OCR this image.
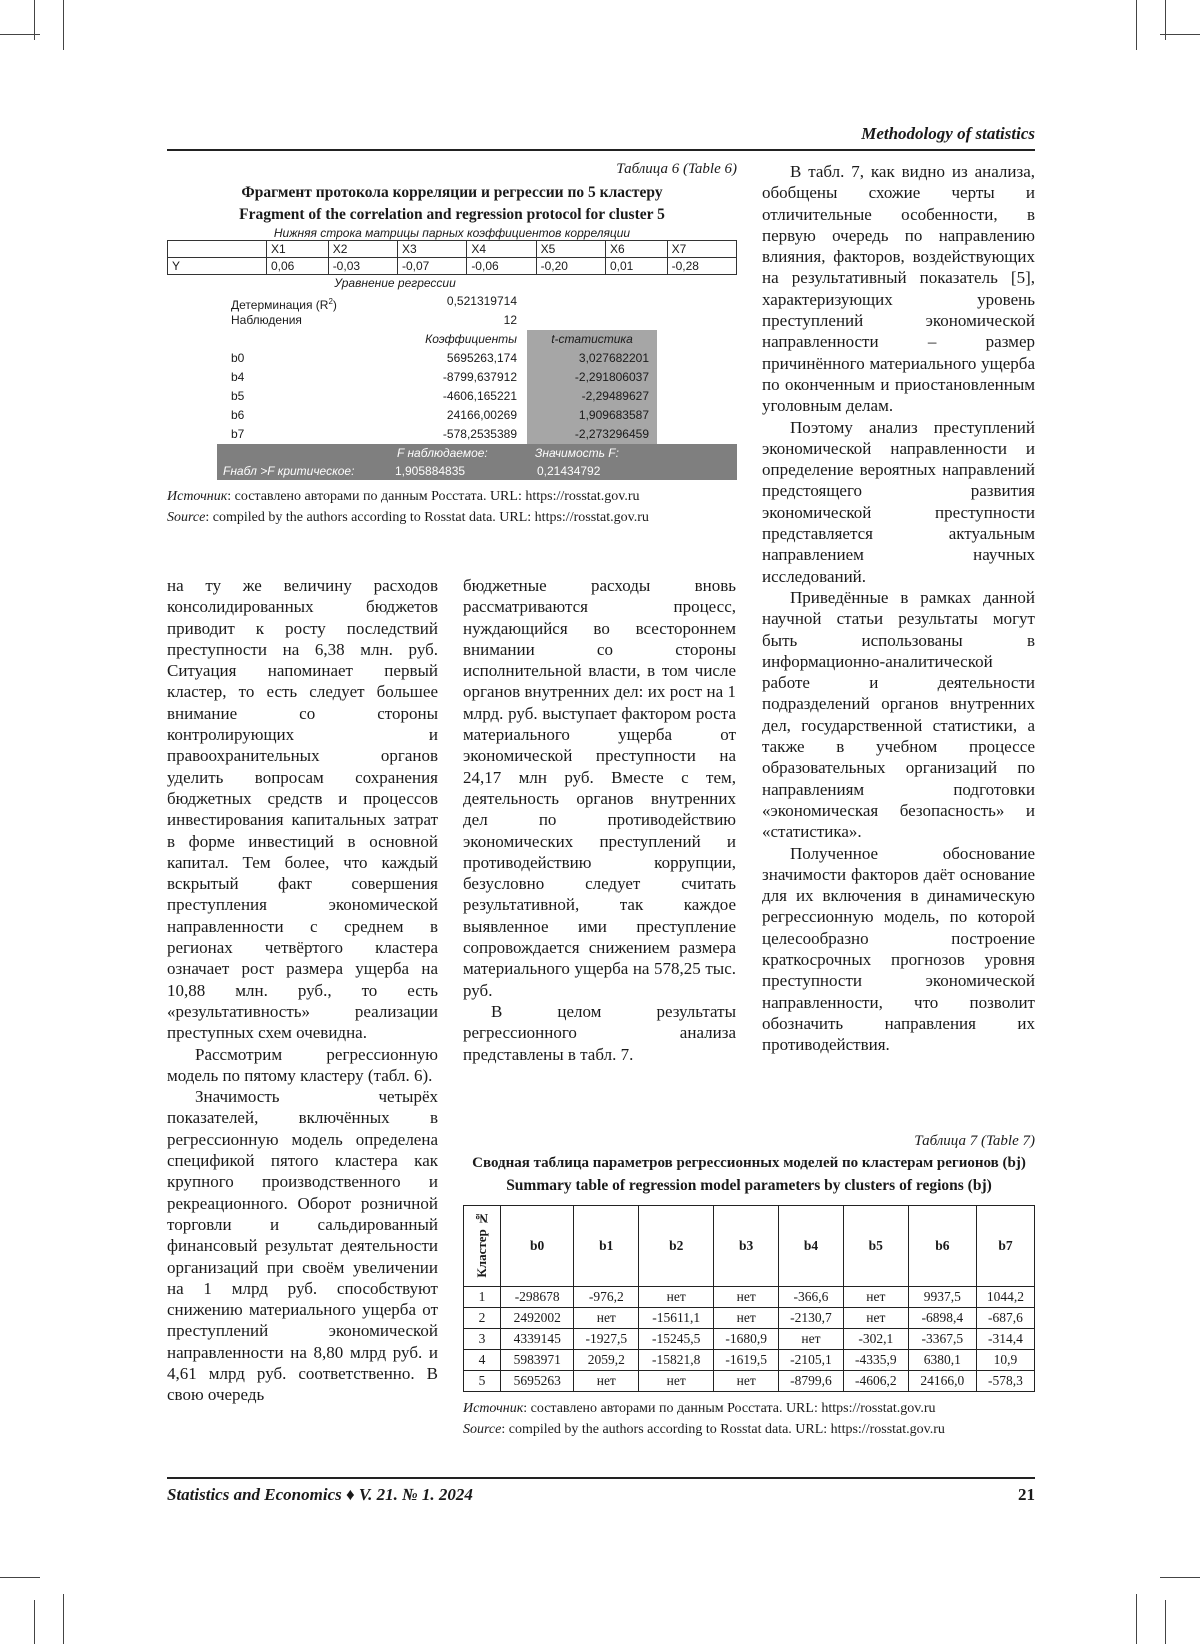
Methodology of statistics
Таблица 6 (Table 6)
Фрагмент протокола корреляции и регрессии по 5 кластеру
Fragment of the correlation and regression protocol for cluster 5
Нижняя строка матрицы парных коэффициентов корреляции
	X1	X2	X3	X4	X5	X6	X7
Y	0,06	-0,03	-0,07	-0,06	-0,20	0,01	-0,28
Уравнение регрессии
Детерминация $(R^2)$	0,521319714
Наблюдения	12
Коэффициенты	t-статистика
b0	5695263,174	3,027682201
b4	-8799,637912	-2,291806037
b5	-4606,165221	-2,29489627
b6	24166,00269	1,909683587
b7	-578,2535389	-2,273296459
F наблюдаемое:	Значимость F:
Fнабл >F критическое:	1,905884835	0,21434792
Источник: составлено авторами по данным Росстата. URL: https://rosstat.gov.ru
Source: compiled by the authors according to Rosstat data. URL: https://rosstat.gov.ru

на ту же величину расходов консолидированных бюджетов приводит к росту последствий преступности на 6,38 млн. руб. Ситуация напоминает первый кластер, то есть следует большее внимание со стороны контролирующих и правоохранительных органов уделить вопросам сохранения бюджетных средств и процессов инвестирования капитальных затрат в форме инвестиций в основной капитал. Тем более, что каждый вскрытый факт совершения преступления экономической направленности с среднем в регионах четвёртого кластера означает рост размера ущерба на 10,88 млн. руб., то есть «результативность» реализации преступных схем очевидна.

Рассмотрим регрессионную модель по пятому кластеру (табл. 6).

Значимость четырёх показателей, включённых в регрессионную модель определена спецификой пятого кластера как крупного производственного и рекреационного. Оборот розничной торговли и сальдированный финансовый результат деятельности организаций при своём увеличении на 1 млрд руб. способствуют снижению материального ущерба от преступлений экономической направленности на 8,80 млрд руб. и 4,61 млрд руб. соответственно. В свою очередь

бюджетные расходы вновь рассматриваются процесс, нуждающийся во всестороннем внимании со стороны исполнительной власти, в том числе органов внутренних дел: их рост на 1 млрд. руб. выступает фактором роста материального ущерба от экономической преступности на 24,17 млн руб. Вместе с тем, деятельность органов внутренних дел по противодействию экономических преступлений и противодействию коррупции, безусловно следует считать результативной, так каждое выявленное ими преступление сопровождается снижением размера материального ущерба на 578,25 тыс. руб.

В целом результаты регрессионного анализа представлены в табл. 7.

В табл. 7, как видно из анализа, обобщены схожие черты и отличительные особенности, в первую очередь по направлению влияния, факторов, воздействующих на результативный показатель [5], характеризующих уровень преступлений экономической направленности – размер причинённого материального ущерба по оконченным и приостановленным уголовным делам.

Поэтому анализ преступлений экономической направленности и определение вероятных направлений предстоящего развития экономической преступности представляется актуальным направлением научных исследований.

Приведённые в рамках данной научной статьи результаты могут быть использованы в информационно-аналитической работе и деятельности подразделений органов внутренних дел, государственной статистики, а также в учебном процессе образовательных организаций по направлениям подготовки «экономическая безопасность» и «статистика».

Полученное обоснование значимости факторов даёт основание для их включения в динамическую регрессионную модель, по которой целесообразно построение краткосрочных прогнозов уровня преступности экономической направленности, что позволит обозначить направления их противодействия.

Таблица 7 (Table 7)
Сводная таблица параметров регрессионных моделей по кластерам регионов (bj)
Summary table of regression model parameters by clusters of regions (bj)
Кластер №	b0	b1	b2	b3	b4	b5	b6	b7
1	-298678	-976,2	нет	нет	-366,6	нет	9937,5	1044,2
2	2492002	нет	-15611,1	нет	-2130,7	нет	-6898,4	-687,6
3	4339145	-1927,5	-15245,5	-1680,9	нет	-302,1	-3367,5	-314,4
4	5983971	2059,2	-15821,8	-1619,5	-2105,1	-4335,9	6380,1	10,9
5	5695263	нет	нет	нет	-8799,6	-4606,2	24166,0	-578,3
Источник: составлено авторами по данным Росстата. URL: https://rosstat.gov.ru
Source: compiled by the authors according to Rosstat data. URL: https://rosstat.gov.ru
Statistics and Economics ♦ V. 21. № 1. 2024	21
